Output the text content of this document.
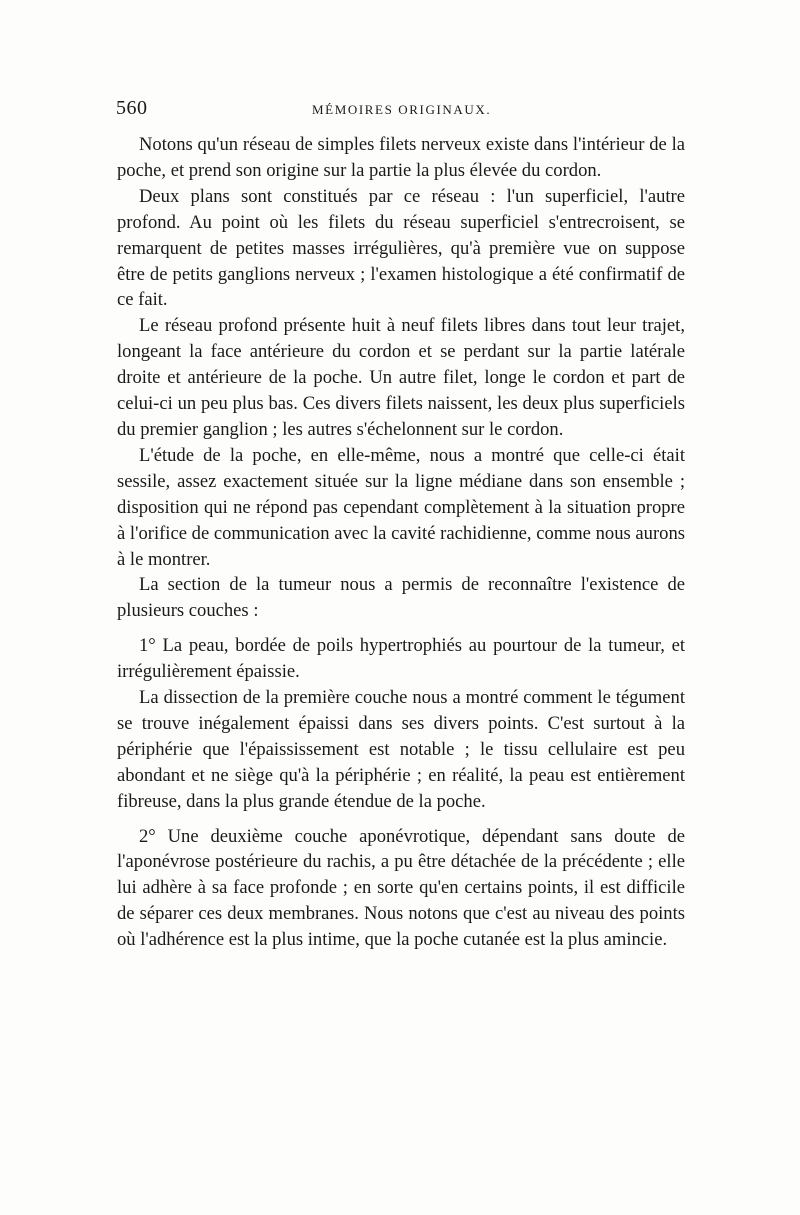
560	MÉMOIRES ORIGINAUX.

Notons qu'un réseau de simples filets nerveux existe dans l'intérieur de la poche, et prend son origine sur la partie la plus élevée du cordon.

Deux plans sont constitués par ce réseau : l'un superficiel, l'autre profond. Au point où les filets du réseau superficiel s'entrecroisent, se remarquent de petites masses irrégulières, qu'à première vue on suppose être de petits ganglions nerveux ; l'examen histologique a été confirmatif de ce fait.

Le réseau profond présente huit à neuf filets libres dans tout leur trajet, longeant la face antérieure du cordon et se perdant sur la partie latérale droite et antérieure de la poche. Un autre filet, longe le cordon et part de celui-ci un peu plus bas. Ces divers filets naissent, les deux plus superficiels du premier ganglion ; les autres s'échelonnent sur le cordon.

L'étude de la poche, en elle-même, nous a montré que celle-ci était sessile, assez exactement située sur la ligne médiane dans son ensemble ; disposition qui ne répond pas cependant complètement à la situation propre à l'orifice de communication avec la cavité rachidienne, comme nous aurons à le montrer.

La section de la tumeur nous a permis de reconnaître l'existence de plusieurs couches :

1° La peau, bordée de poils hypertrophiés au pourtour de la tumeur, et irrégulièrement épaissie.

La dissection de la première couche nous a montré comment le tégument se trouve inégalement épaissi dans ses divers points. C'est surtout à la périphérie que l'épaississement est notable ; le tissu cellulaire est peu abondant et ne siège qu'à la périphérie ; en réalité, la peau est entièrement fibreuse, dans la plus grande étendue de la poche.

2° Une deuxième couche aponévrotique, dépendant sans doute de l'aponévrose postérieure du rachis, a pu être détachée de la précédente ; elle lui adhère à sa face profonde ; en sorte qu'en certains points, il est difficile de séparer ces deux membranes. Nous notons que c'est au niveau des points où l'adhérence est la plus intime, que la poche cutanée est la plus amincie.
